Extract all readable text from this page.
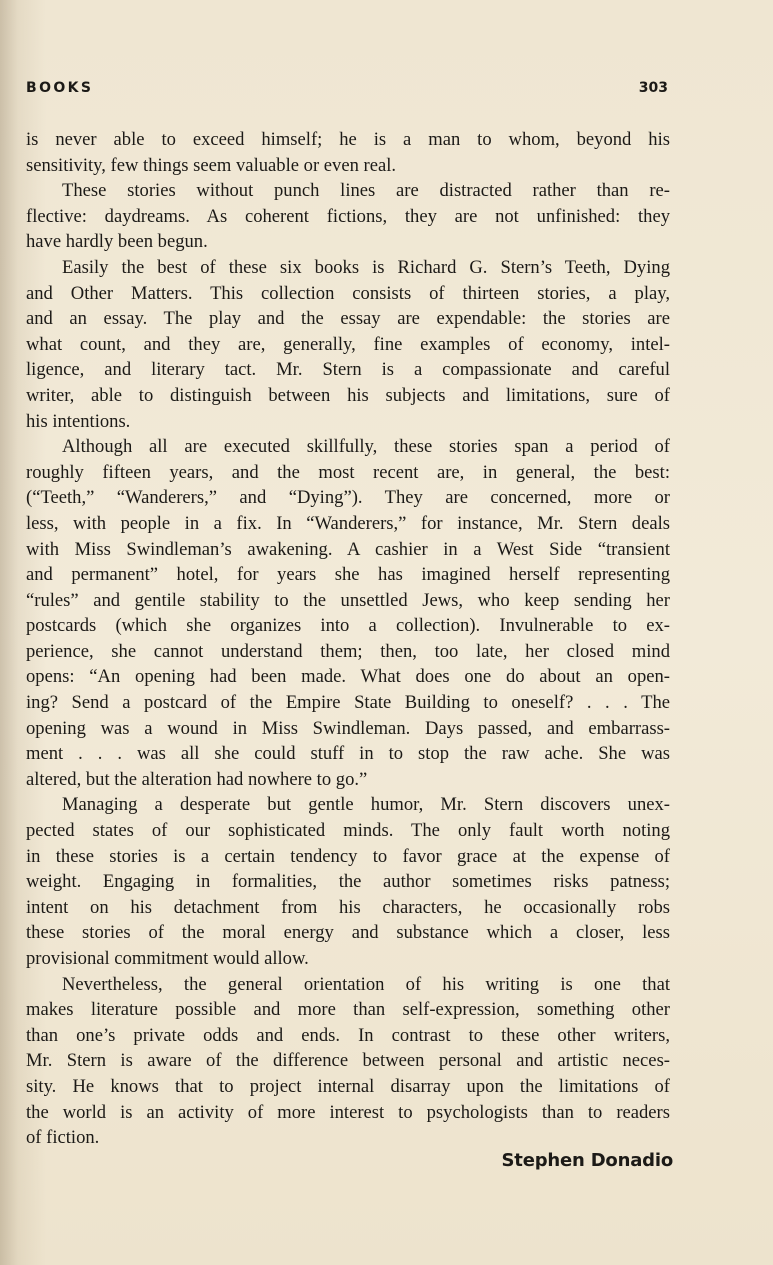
BOOKS	303
is never able to exceed himself; he is a man to whom, beyond his
sensitivity, few things seem valuable or even real.
These stories without punch lines are distracted rather than re-
flective: daydreams. As coherent fictions, they are not unfinished: they
have hardly been begun.
Easily the best of these six books is Richard G. Stern’s Teeth, Dying
and Other Matters. This collection consists of thirteen stories, a play,
and an essay. The play and the essay are expendable: the stories are
what count, and they are, generally, fine examples of economy, intel-
ligence, and literary tact. Mr. Stern is a compassionate and careful
writer, able to distinguish between his subjects and limitations, sure of
his intentions.
Although all are executed skillfully, these stories span a period of
roughly fifteen years, and the most recent are, in general, the best:
(“Teeth,” “Wanderers,” and “Dying”). They are concerned, more or
less, with people in a fix. In “Wanderers,” for instance, Mr. Stern deals
with Miss Swindleman’s awakening. A cashier in a West Side “transient
and permanent” hotel, for years she has imagined herself representing
“rules” and gentile stability to the unsettled Jews, who keep sending her
postcards (which she organizes into a collection). Invulnerable to ex-
perience, she cannot understand them; then, too late, her closed mind
opens: “An opening had been made. What does one do about an open-
ing? Send a postcard of the Empire State Building to oneself? . . . The
opening was a wound in Miss Swindleman. Days passed, and embarrass-
ment . . . was all she could stuff in to stop the raw ache. She was
altered, but the alteration had nowhere to go.”
Managing a desperate but gentle humor, Mr. Stern discovers unex-
pected states of our sophisticated minds. The only fault worth noting
in these stories is a certain tendency to favor grace at the expense of
weight. Engaging in formalities, the author sometimes risks patness;
intent on his detachment from his characters, he occasionally robs
these stories of the moral energy and substance which a closer, less
provisional commitment would allow.
Nevertheless, the general orientation of his writing is one that
makes literature possible and more than self-expression, something other
than one’s private odds and ends. In contrast to these other writers,
Mr. Stern is aware of the difference between personal and artistic neces-
sity. He knows that to project internal disarray upon the limitations of
the world is an activity of more interest to psychologists than to readers
of fiction.
Stephen Donadio
